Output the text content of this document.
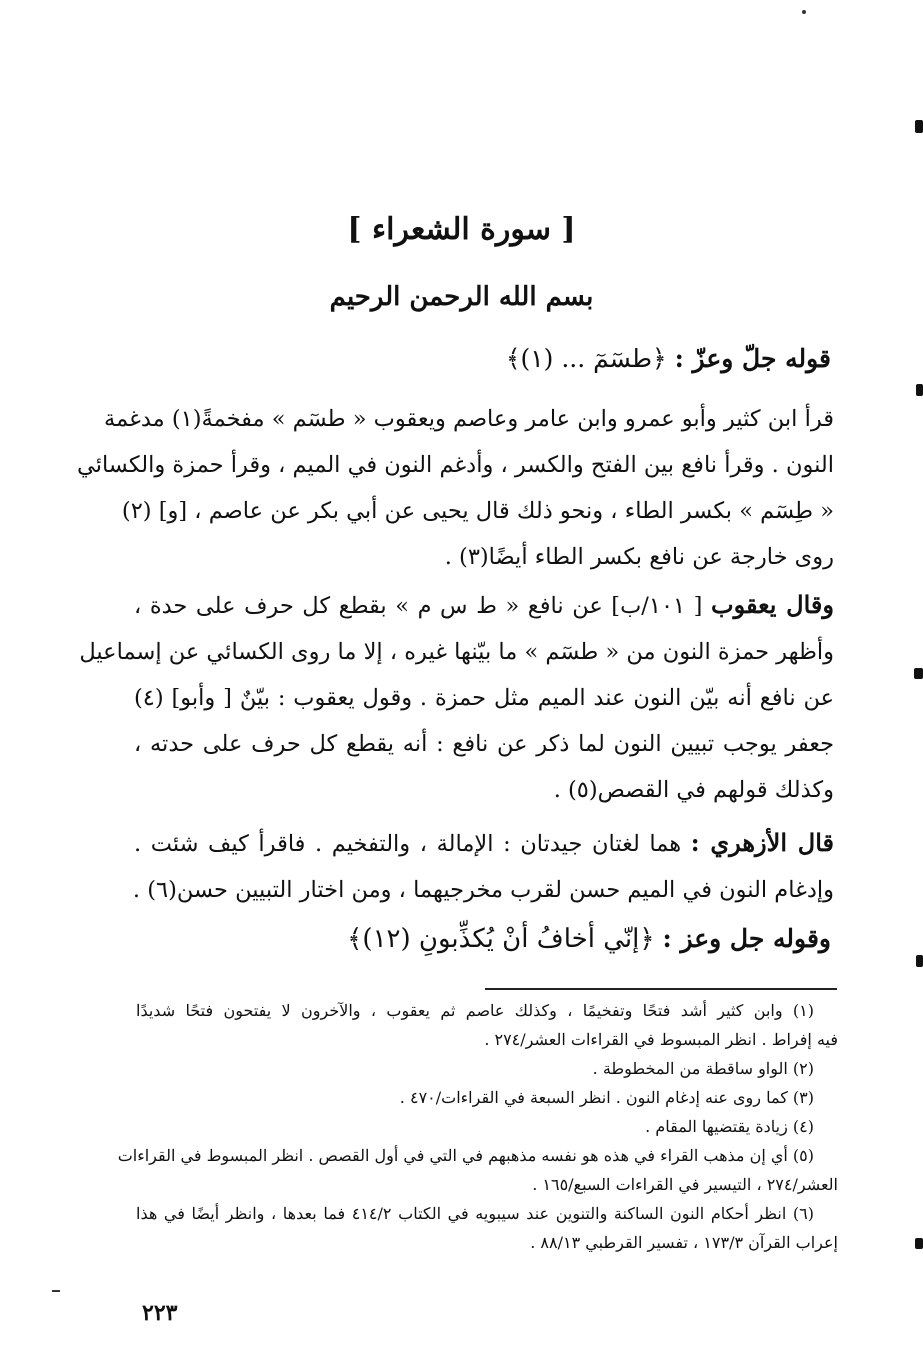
[ سورة الشعراء ]
بسم الله الرحمن الرحيم
قوله جلّ وعزّ : ﴿طسٓمٓ ... (١)﴾
قرأ ابن كثير وأبو عمرو وابن عامر وعاصم ويعقوب « طسٓم » مفخمةً(١) مدغمة
النون . وقرأ نافع بين الفتح والكسر ، وأدغم النون في الميم ، وقرأ حمزة والكسائي
« طِسٓم » بكسر الطاء ، ونحو ذلك قال يحيى عن أبي بكر عن عاصم ، [و] (٢)
روى خارجة عن نافع بكسر الطاء أيضًا(٣) .
وقال يعقوب [ ١٠١/ب] عن نافع « ط س م » بقطع كل حرف على حدة ،
وأظهر حمزة النون من « طسٓم » ما بيّنها غيره ، إلا ما روى الكسائي عن إسماعيل
عن نافع أنه بيّن النون عند الميم مثل حمزة . وقول يعقوب : بيّنٌ [ وأبو] (٤)
جعفر يوجب تبيين النون لما ذكر عن نافع : أنه يقطع كل حرف على حدته ،
وكذلك قولهم في القصص(٥) .
قال الأزهري : هما لغتان جيدتان : الإمالة ، والتفخيم . فاقرأ كيف شئت .
وإدغام النون في الميم حسن لقرب مخرجيهما ، ومن اختار التبيين حسن(٦) .
وقوله جل وعز : ﴿إنّي أخافُ أنْ يُكذِّبونِ (١٢)﴾
(١) وابن كثير أشد فتحًا وتفخيمًا ، وكذلك عاصم ثم يعقوب ، والآخرون لا يفتحون فتحًا شديدًا
فيه إفراط . انظر المبسوط في القراءات العشر/٢٧٤ .
(٢) الواو ساقطة من المخطوطة .
(٣) كما روى عنه إدغام النون . انظر السبعة في القراءات/٤٧٠ .
(٤) زيادة يقتضيها المقام .
(٥) أي إن مذهب القراء في هذه هو نفسه مذهبهم في التي في أول القصص . انظر المبسوط في القراءات
العشر/٢٧٤ ، التيسير في القراءات السبع/١٦٥ .
(٦) انظر أحكام النون الساكنة والتنوين عند سيبويه في الكتاب ٤١٤/٢ فما بعدها ، وانظر أيضًا في هذا
إعراب القرآن ١٧٣/٣ ، تفسير القرطبي ٨٨/١٣ .
٢٢٣
